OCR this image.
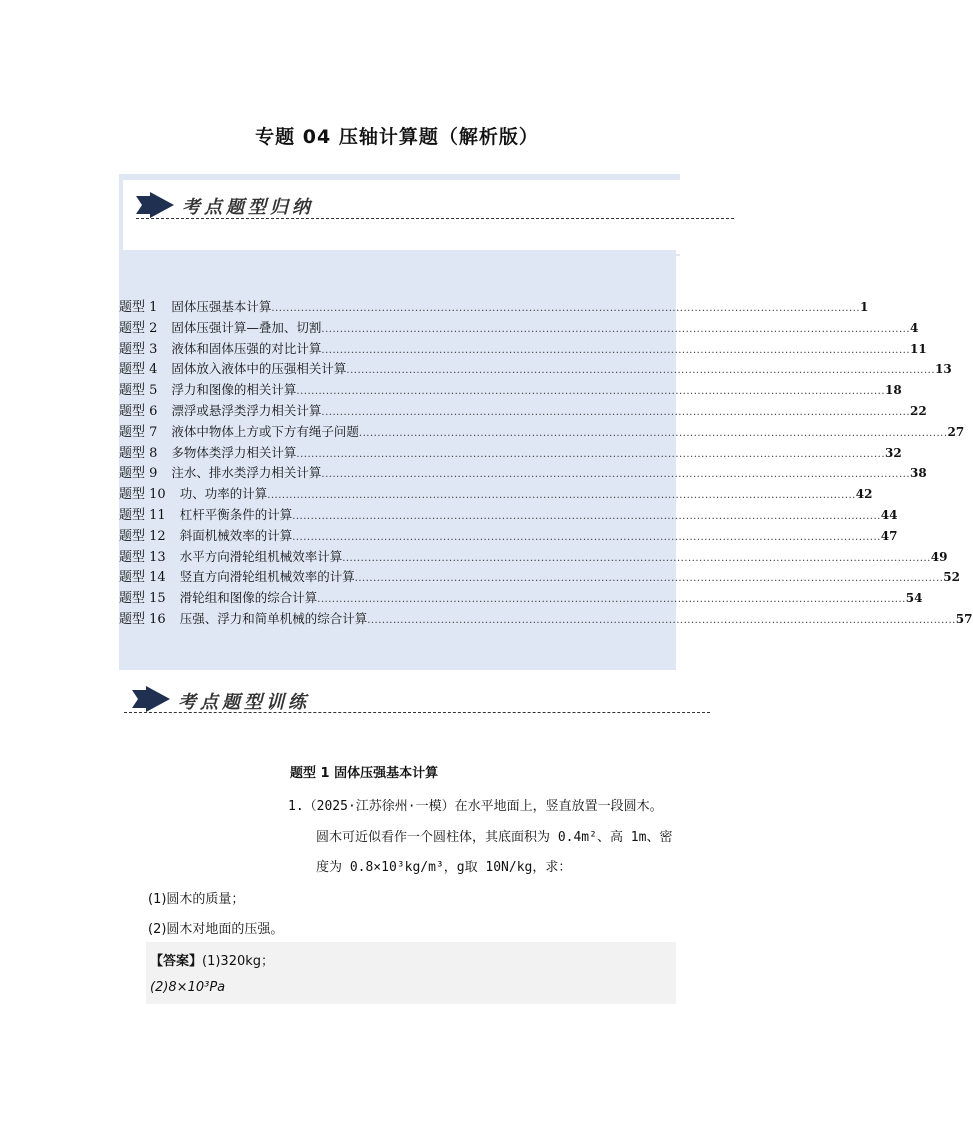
专题 04 压轴计算题（解析版）
考点题型归纳
题型 1 固体压强基本计算 ................................................................................................................................................................ 1
题型 2 固体压强计算—叠加、切割 ................................................................................................................................................................ 4
题型 3 液体和固体压强的对比计算 ................................................................................................................................................................ 11
题型 4 固体放入液体中的压强相关计算 ................................................................................................................................................................ 13
题型 5 浮力和图像的相关计算 ................................................................................................................................................................ 18
题型 6 漂浮或悬浮类浮力相关计算 ................................................................................................................................................................ 22
题型 7 液体中物体上方或下方有绳子问题 ................................................................................................................................................................ 27
题型 8 多物体类浮力相关计算 ................................................................................................................................................................ 32
题型 9 注水、排水类浮力相关计算 ................................................................................................................................................................ 38
题型 10 功、功率的计算 ................................................................................................................................................................ 42
题型 11 杠杆平衡条件的计算 ................................................................................................................................................................ 44
题型 12 斜面机械效率的计算 ................................................................................................................................................................ 47
题型 13 水平方向滑轮组机械效率计算 ................................................................................................................................................................ 49
题型 14 竖直方向滑轮组机械效率的计算 ................................................................................................................................................................ 52
题型 15 滑轮组和图像的综合计算 ................................................................................................................................................................ 54
题型 16 压强、浮力和简单机械的综合计算 ................................................................................................................................................................ 57
考点题型训练
题型 1 固体压强基本计算
1.（2025·江苏徐州·一模）在水平地面上，竖直放置一段圆木。
圆木可近似看作一个圆柱体，其底面积为 0.4m²、高 1m、密
度为 0.8×10³kg/m³，g取 10N/kg，求：
(1)圆木的质量；
(2)圆木对地面的压强。
【答案】(1)320kg；
(2)8×10³Pa
